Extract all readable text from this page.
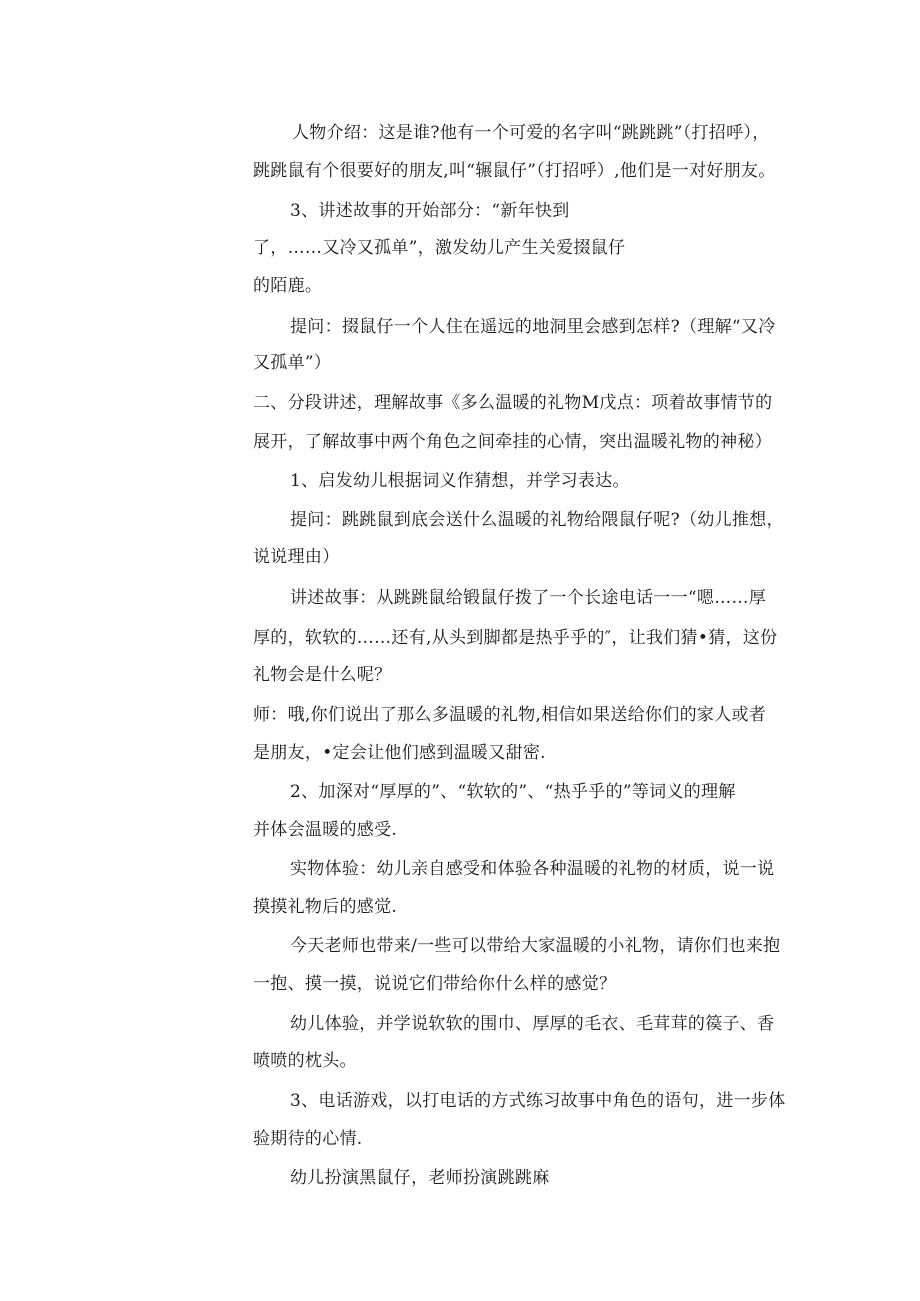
人物介绍：这是谁?他有一个可爱的名字叫“跳跳跳”（打招呼），
跳跳鼠有个很要好的朋友,叫“辗鼠仔”（打招呼）,他们是一对好朋友。
3、讲述故事的开始部分：“新年快到
了，……又冷又孤单”，激发幼儿产生关爱掇鼠仔
的陌鹿。
提问：掇鼠仔一个人住在遥远的地洞里会感到怎样?（理解“又冷
又孤单”）
二、分段讲述，理解故事《多么温暖的礼物M戊点：项着故事情节的
展开，了解故事中两个角色之间牵挂的心情，突出温暖礼物的神秘）
1、启发幼儿根据词义作猜想，并学习表达。
提问：跳跳鼠到底会送什么温暖的礼物给隈鼠仔呢?（幼儿推想，
说说理由）
讲述故事：从跳跳鼠给锻鼠仔拨了一个长途电话一一“嗯……厚
厚的，软软的……还有,从头到脚都是热乎乎的″，让我们猜•猜，这份
礼物会是什么呢？
师：哦,你们说出了那么多温暖的礼物,相信如果送给你们的家人或者
是朋友，•定会让他们感到温暖又甜密.
2、加深对“厚厚的”、“软软的”、“热乎乎的”等词义的理解
并体会温暖的感受.
实物体验：幼儿亲自感受和体验各种温暖的礼物的材质，说一说
摸摸礼物后的感觉.
今天老师也带来/一些可以带给大家温暖的小礼物，请你们也来抱
一抱、摸一摸，说说它们带给你什么样的感觉？
幼儿体验，并学说软软的围巾、厚厚的毛衣、毛茸茸的篌子、香
喷喷的枕头。
3、电话游戏，以打电话的方式练习故事中角色的语句，进一步体
验期待的心情.
幼儿扮演黑鼠仔，老师扮演跳跳麻
